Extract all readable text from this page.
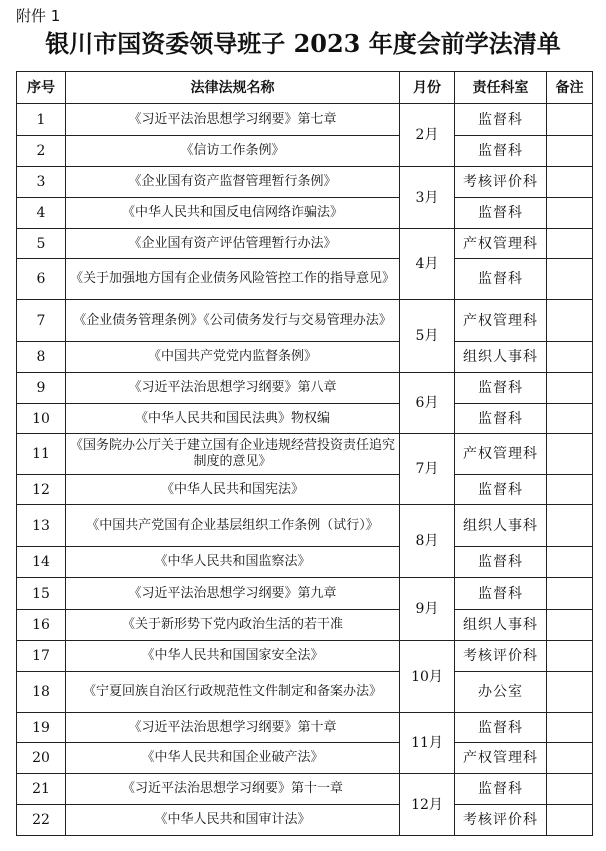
附件 1
银川市国资委领导班子 2023 年度会前学法清单
序号	法律法规名称	月份	责任科室	备注
1	《习近平法治思想学习纲要》第七章	2月	监督科	
2	《信访工作条例》		监督科	
3	《企业国有资产监督管理暂行条例》	3月	考核评价科	
4	《中华人民共和国反电信网络诈骗法》		监督科	
5	《企业国有资产评估管理暂行办法》	4月	产权管理科	
6	《关于加强地方国有企业债务风险管控工作的指导意见》		监督科	
7	《企业债务管理条例》《公司债务发行与交易管理办法》	5月	产权管理科	
8	《中国共产党党内监督条例》		组织人事科	
9	《习近平法治思想学习纲要》第八章	6月	监督科	
10	《中华人民共和国民法典》物权编		监督科	
11	《国务院办公厅关于建立国有企业违规经营投资责任追究制度的意见》	7月	产权管理科	
12	《中华人民共和国宪法》		监督科	
13	《中国共产党国有企业基层组织工作条例（试行）》	8月	组织人事科	
14	《中华人民共和国监察法》		监督科	
15	《习近平法治思想学习纲要》第九章	9月	监督科	
16	《关于新形势下党内政治生活的若干准		组织人事科	
17	《中华人民共和国国家安全法》	10月	考核评价科	
18	《宁夏回族自治区行政规范性文件制定和备案办法》		办公室	
19	《习近平法治思想学习纲要》第十章	11月	监督科	
20	《中华人民共和国企业破产法》		产权管理科	
21	《习近平法治思想学习纲要》第十一章	12月	监督科	
22	《中华人民共和国审计法》		考核评价科	
